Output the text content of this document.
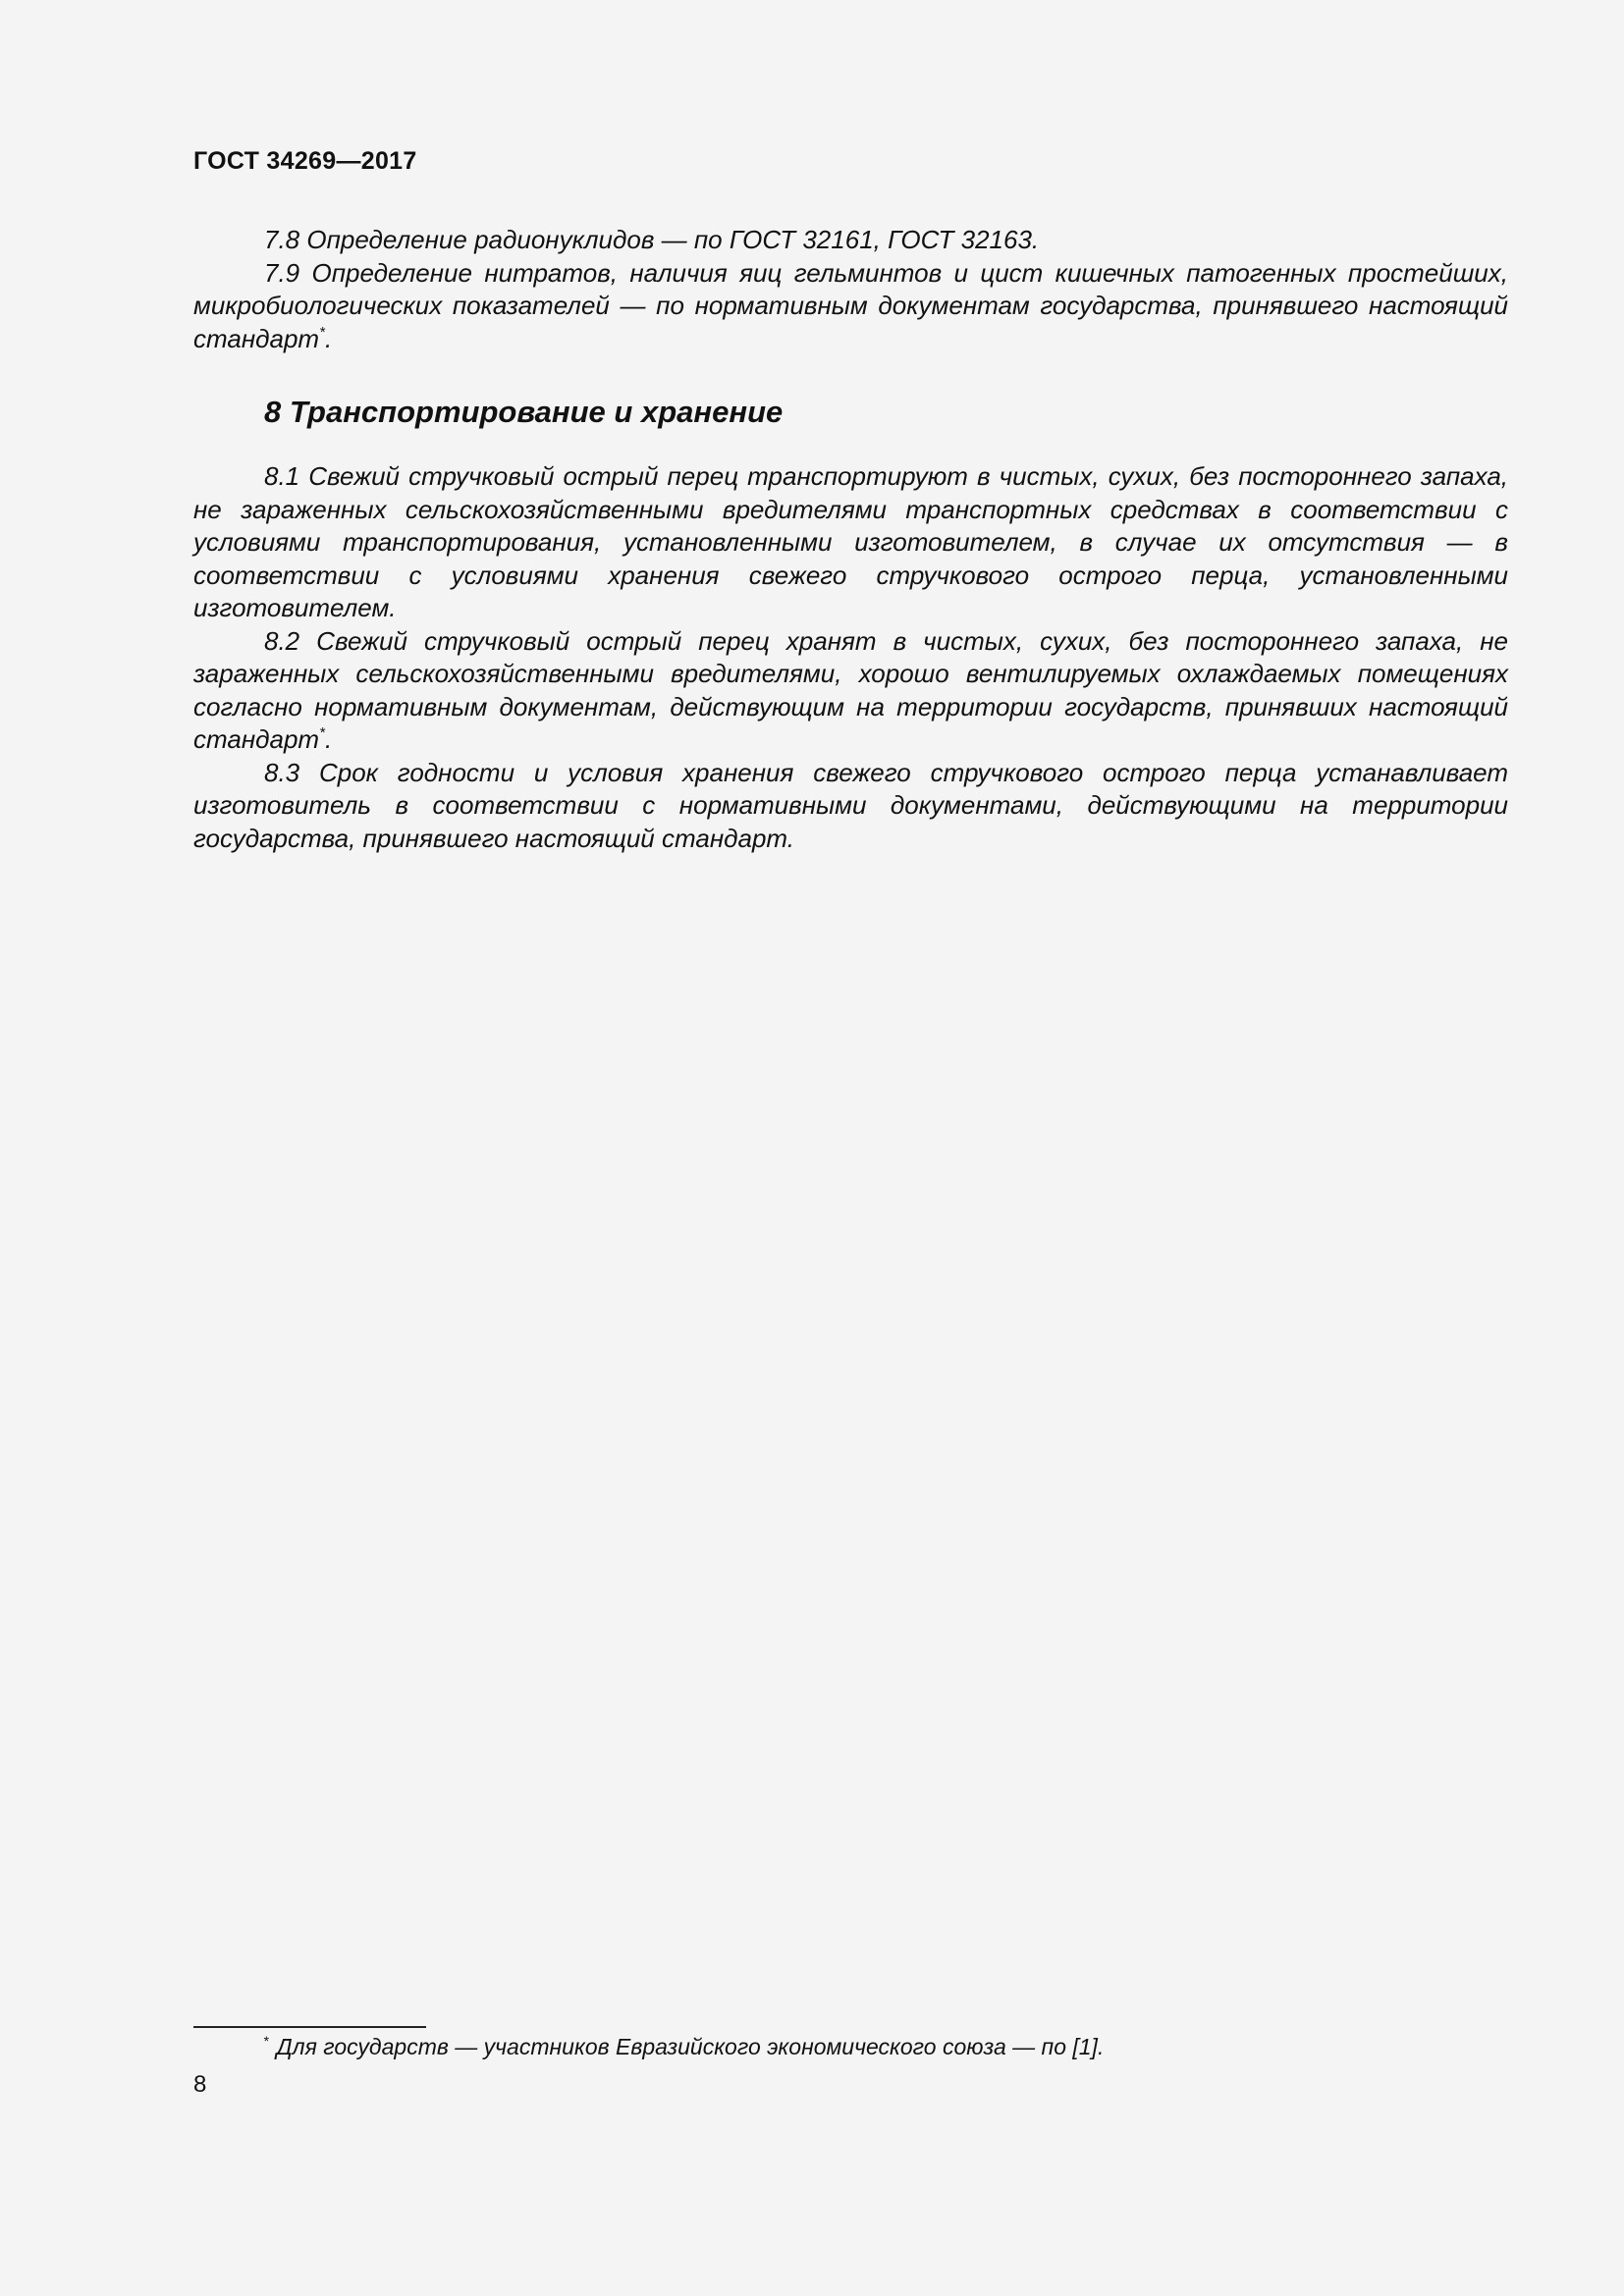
ГОСТ 34269—2017

7.8 Определение радионуклидов — по ГОСТ 32161, ГОСТ 32163.

7.9 Определение нитратов, наличия яиц гельминтов и цист кишечных патогенных простейших, микробиологических показателей — по нормативным документам государства, принявшего настоящий стандарт*.

8 Транспортирование и хранение

8.1 Свежий стручковый острый перец транспортируют в чистых, сухих, без постороннего запаха, не зараженных сельскохозяйственными вредителями транспортных средствах в соответствии с условиями транспортирования, установленными изготовителем, в случае их отсутствия — в соответствии с условиями хранения свежего стручкового острого перца, установленными изготовителем.

8.2 Свежий стручковый острый перец хранят в чистых, сухих, без постороннего запаха, не зараженных сельскохозяйственными вредителями, хорошо вентилируемых охлаждаемых помещениях согласно нормативным документам, действующим на территории государств, принявших настоящий стандарт*.

8.3 Срок годности и условия хранения свежего стручкового острого перца устанавливает изготовитель в соответствии с нормативными документами, действующими на территории государства, принявшего настоящий стандарт.

* Для государств — участников Евразийского экономического союза — по [1].
8
